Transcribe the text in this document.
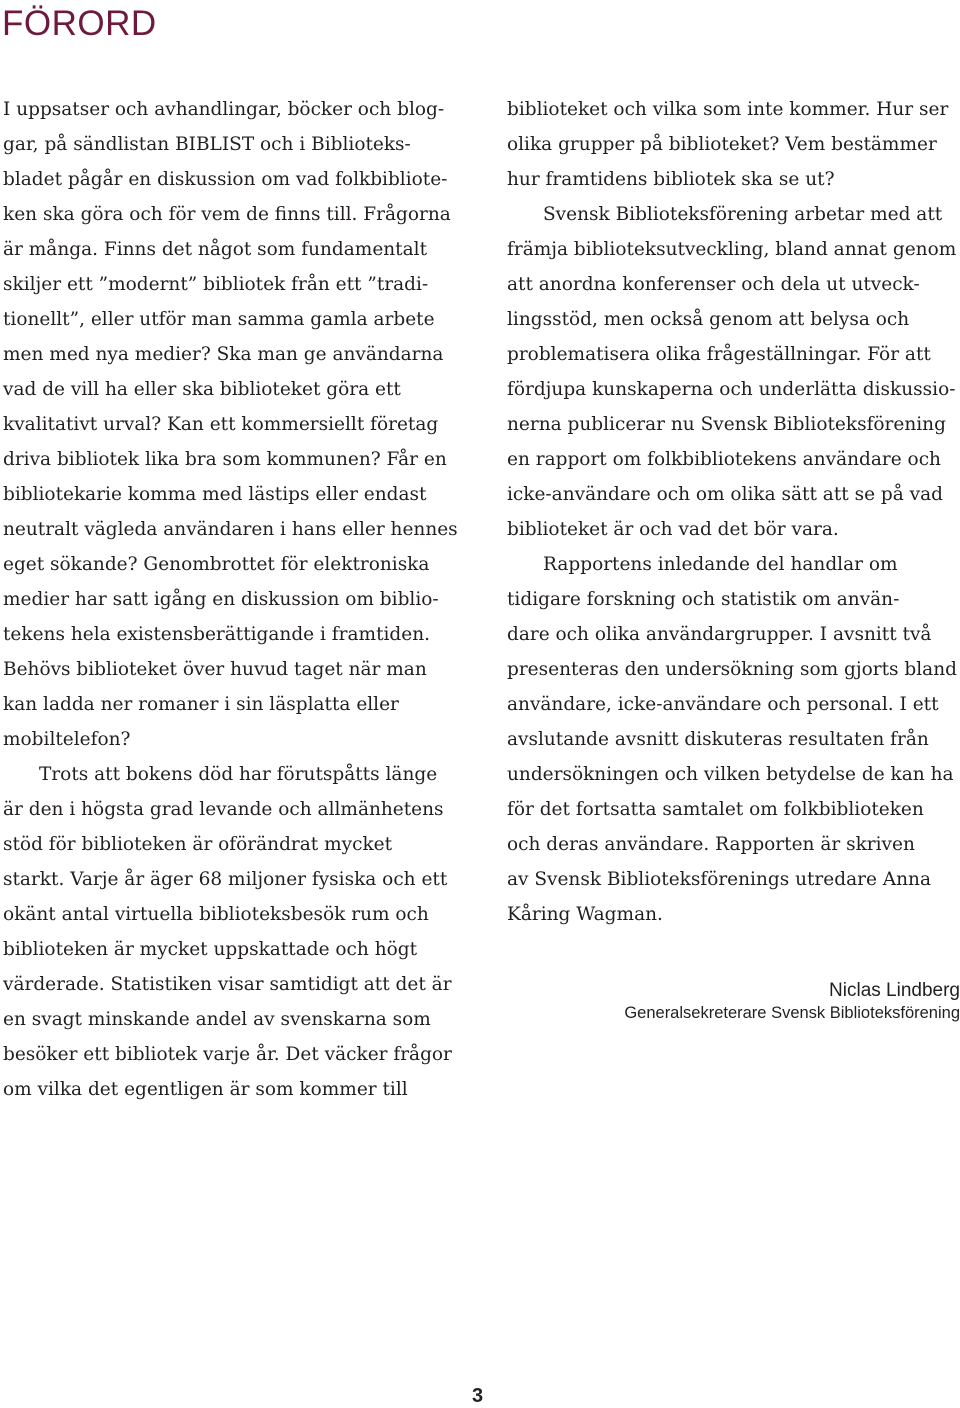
FÖRORD
I uppsatser och avhandlingar, böcker och blog-
gar, på sändlistan BIBLIST och i Biblioteks-
bladet pågår en diskussion om vad folkbibliote-
ken ska göra och för vem de finns till. Frågorna
är många. Finns det något som fundamentalt
skiljer ett ”modernt” bibliotek från ett ”tradi-
tionellt”, eller utför man samma gamla arbete
men med nya medier? Ska man ge användarna
vad de vill ha eller ska biblioteket göra ett
kvalitativt urval? Kan ett kommersiellt företag
driva bibliotek lika bra som kommunen? Får en
bibliotekarie komma med lästips eller endast
neutralt vägleda användaren i hans eller hennes
eget sökande? Genombrottet för elektroniska
medier har satt igång en diskussion om biblio-
tekens hela existensberättigande i framtiden.
Behövs biblioteket över huvud taget när man
kan ladda ner romaner i sin läsplatta eller
mobiltelefon?
Trots att bokens död har förutspåtts länge
är den i högsta grad levande och allmänhetens
stöd för biblioteken är oförändrat mycket
starkt. Varje år äger 68 miljoner fysiska och ett
okänt antal virtuella biblioteksbesök rum och
biblioteken är mycket uppskattade och högt
värderade. Statistiken visar samtidigt att det är
en svagt minskande andel av svenskarna som
besöker ett bibliotek varje år. Det väcker frågor
om vilka det egentligen är som kommer till
biblioteket och vilka som inte kommer. Hur ser
olika grupper på biblioteket? Vem bestämmer
hur framtidens bibliotek ska se ut?
Svensk Biblioteksförening arbetar med att
främja biblioteksutveckling, bland annat genom
att anordna konferenser och dela ut utveck-
lingsstöd, men också genom att belysa och
problematisera olika frågeställningar. För att
fördjupa kunskaperna och underlätta diskussio-
nerna publicerar nu Svensk Biblioteksförening
en rapport om folkbibliotekens användare och
icke-användare och om olika sätt att se på vad
biblioteket är och vad det bör vara.
Rapportens inledande del handlar om
tidigare forskning och statistik om använ-
dare och olika användargrupper. I avsnitt två
presenteras den undersökning som gjorts bland
användare, icke-användare och personal. I ett
avslutande avsnitt diskuteras resultaten från
undersökningen och vilken betydelse de kan ha
för det fortsatta samtalet om folkbiblioteken
och deras användare. Rapporten är skriven
av Svensk Biblioteksförenings utredare Anna
Kåring Wagman.
Niclas Lindberg
Generalsekreterare Svensk Biblioteksförening
3
